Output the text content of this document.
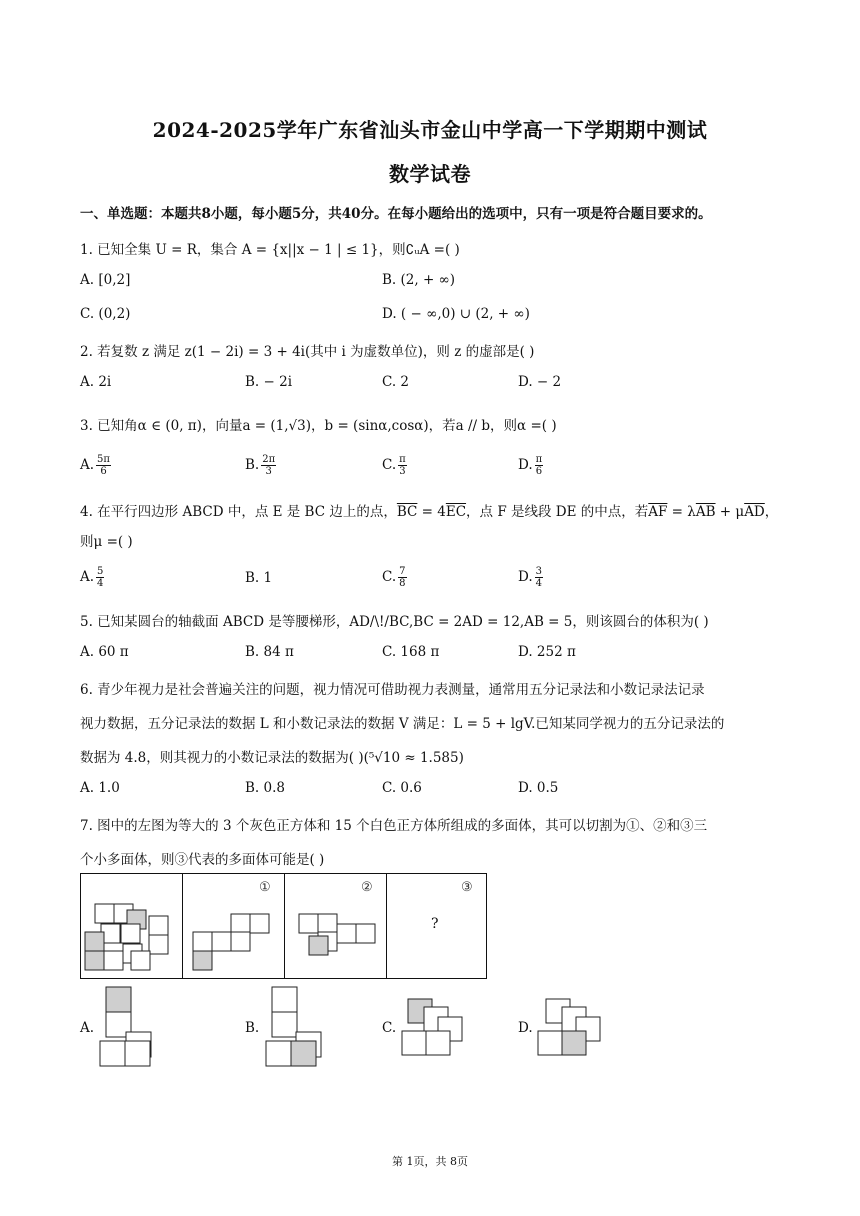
2024-2025学年广东省汕头市金山中学高一下学期期中测试
数学试卷
一、单选题：本题共8小题，每小题5分，共40分。在每小题给出的选项中，只有一项是符合题目要求的。
1. 已知全集 U = R，集合 A = {x||x − 1 | ≤ 1}，则∁ᵤA =( )
A. [0,2]	B. (2, + ∞)
C. (0,2)	D. ( − ∞,0) ∪ (2, + ∞)
2. 若复数 z 满足 z(1 − 2i) = 3 + 4i(其中 i 为虚数单位)，则 z 的虚部是( )
A. 2i	B. − 2i	C. 2	D. − 2
3. 已知角α ∈ (0, π)，向量a = (1,√3)，b = (sinα,cosα)，若a // b，则α =( )
A. $\frac{5\pi}{6}$	B. $\frac{2\pi}{3}$	C. $\frac{\pi}{3}$	D. $\frac{\pi}{6}$
4. 在平行四边形 ABCD 中，点 E 是 BC 边上的点，$\overline{BC} = 4\overline{EC}$，点 F 是线段 DE 的中点，若$\overline{AF} = \lambda\overline{AB} + \mu\overline{AD}$，
则μ =( )
A. $\frac{5}{4}$	B. 1	C. $\frac{7}{8}$	D. $\frac{3}{4}$
5. 已知某圆台的轴截面 ABCD 是等腰梯形，AD/\!/BC,BC = 2AD = 12,AB = 5，则该圆台的体积为( )
A. 60 π	B. 84 π	C. 168 π	D. 252 π
6. 青少年视力是社会普遍关注的问题，视力情况可借助视力表测量，通常用五分记录法和小数记录法记录
视力数据，五分记录法的数据 L 和小数记录法的数据 V 满足：L = 5 + lgV.已知某同学视力的五分记录法的
数据为 4.8，则其视力的小数记录法的数据为( )(⁵√10 ≈ 1.585)
A. 1.0	B. 0.8	C. 0.6	D. 0.5
7. 图中的左图为等大的 3 个灰色正方体和 15 个白色正方体所组成的多面体，其可以切割为①、②和③三
个小多面体，则③代表的多面体可能是( )
①	②	③
?
A.	B.	C.	D.
第 1页，共 8页
